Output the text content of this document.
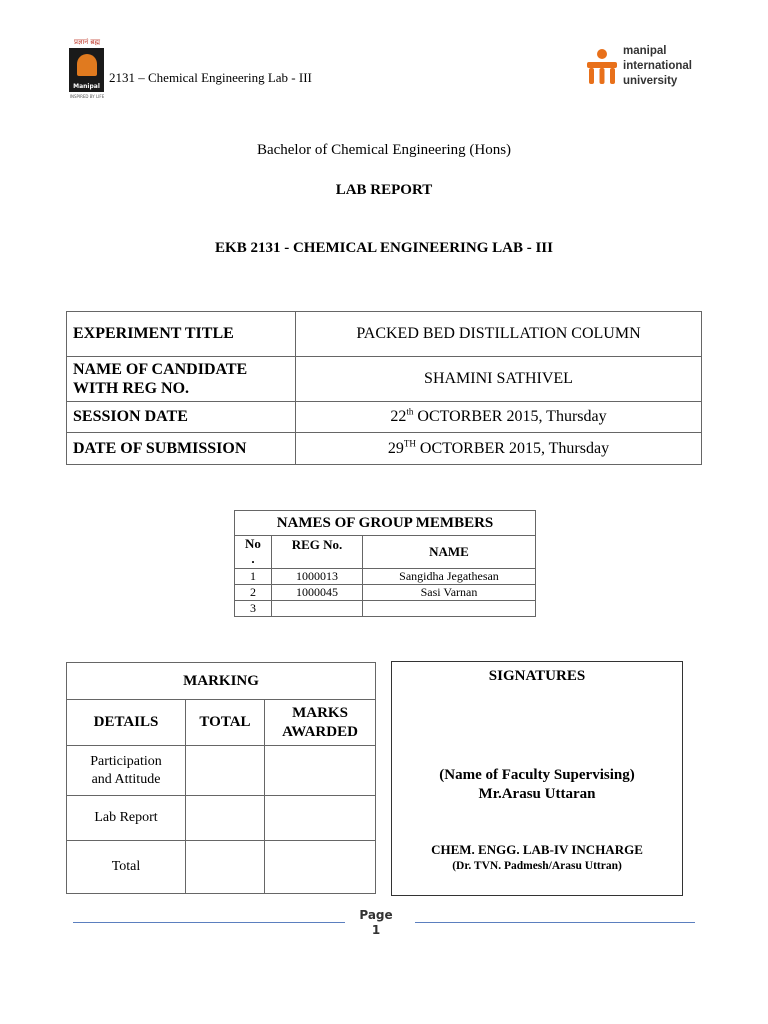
प्रज्ञानं ब्रह्म
Manipal
INSPIRED BY LIFE
2131 – Chemical Engineering Lab - III
manipal
international
university
Bachelor of Chemical Engineering (Hons)
LAB REPORT
EKB 2131 - CHEMICAL ENGINEERING LAB - III
EXPERIMENT TITLE	PACKED BED DISTILLATION COLUMN

NAME OF CANDIDATE
WITH REG NO.	SHAMINI SATHIVEL
SESSION DATE	22th OCTORBER 2015, Thursday
DATE OF SUBMISSION	29TH OCTORBER 2015, Thursday
NAMES OF GROUP MEMBERS		

No
.	REG No.	NAME
1	1000013	Sangidha Jegathesan
2	1000045	Sasi Varnan
3		
MARKING		
DETAILS	TOTAL	MARKS
AWARDED

Participation
and Attitude		

Lab Report		
Total		
SIGNATURES
(Name of Faculty Supervising)
Mr.Arasu Uttaran
CHEM. ENGG. LAB-IV INCHARGE
(Dr. TVN. Padmesh/Arasu Uttran)
Page
1
